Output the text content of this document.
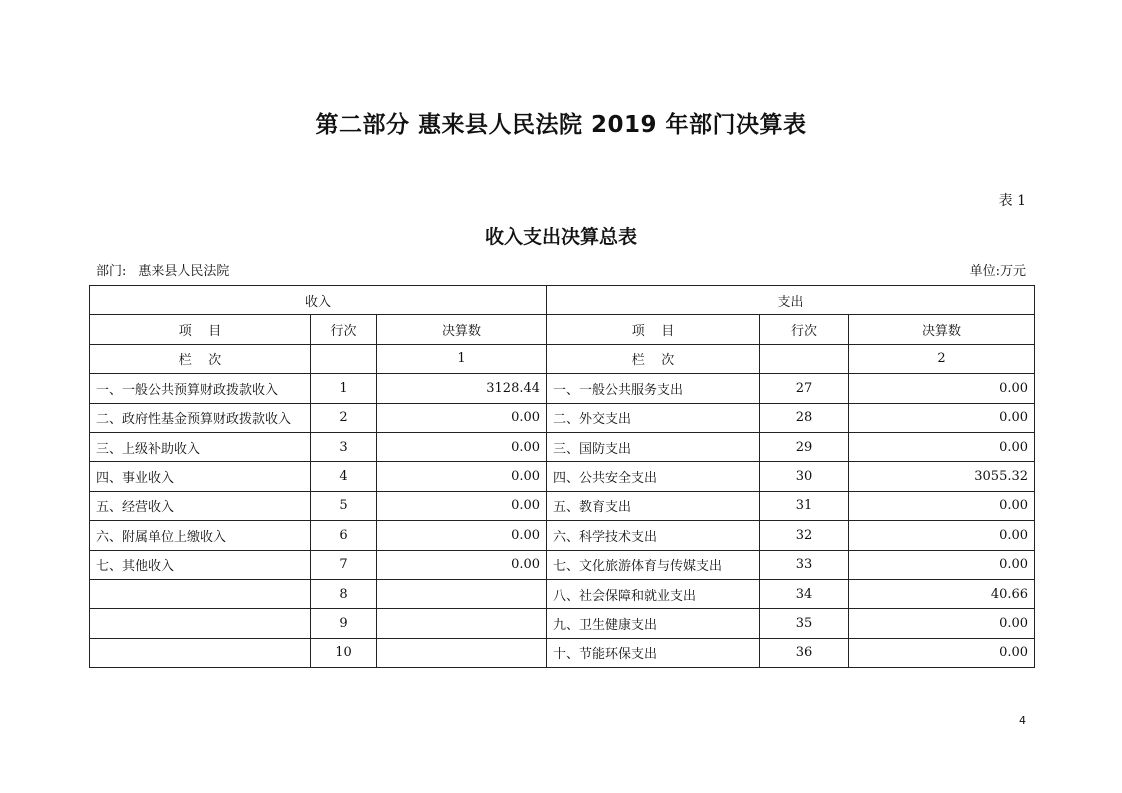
第二部分 惠来县人民法院 2019 年部门决算表
表 1
收入支出决算总表
部门: 惠来县人民法院	单位:万元
收入			支出		
项    目	行次	决算数	项    目	行次	决算数
栏    次		1	栏    次		2
一、一般公共预算财政拨款收入	1	3128.44	一、一般公共服务支出	27	0.00
二、政府性基金预算财政拨款收入	2	0.00	二、外交支出	28	0.00
三、上级补助收入	3	0.00	三、国防支出	29	0.00
四、事业收入	4	0.00	四、公共安全支出	30	3055.32
五、经营收入	5	0.00	五、教育支出	31	0.00
六、附属单位上缴收入	6	0.00	六、科学技术支出	32	0.00
七、其他收入	7	0.00	七、文化旅游体育与传媒支出	33	0.00
	8		八、社会保障和就业支出	34	40.66
	9		九、卫生健康支出	35	0.00
	10		十、节能环保支出	36	0.00
4
